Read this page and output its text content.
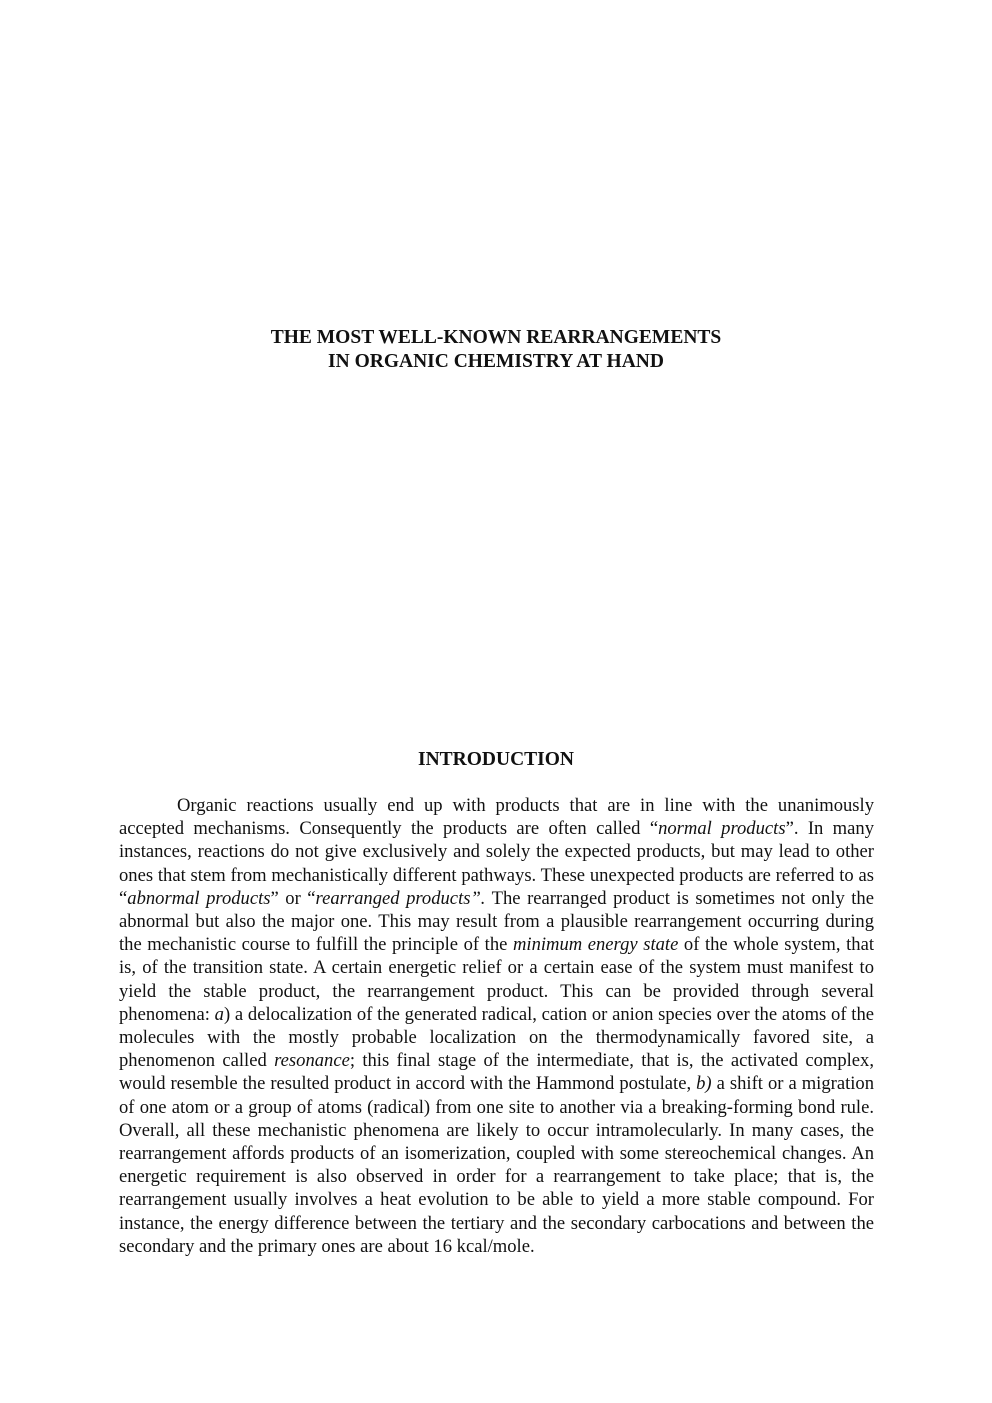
THE MOST WELL-KNOWN REARRANGEMENTS
IN ORGANIC CHEMISTRY AT HAND
INTRODUCTION

Organic reactions usually end up with products that are in line with the unanimously accepted mechanisms. Consequently the products are often called “normal products”. In many instances, reactions do not give exclusively and solely the expected products, but may lead to other ones that stem from mechanistically different pathways. These unexpected products are referred to as “abnormal products” or “rearranged products”. The rearranged product is sometimes not only the abnormal but also the major one. This may result from a plausible rearrangement occurring during the mechanistic course to fulfill the principle of the minimum energy state of the whole system, that is, of the transition state. A certain energetic relief or a certain ease of the system must manifest to yield the stable product, the rearrangement product. This can be provided through several phenomena: a) a delocalization of the generated radical, cation or anion species over the atoms of the molecules with the mostly probable localization on the thermodynamically favored site, a phenomenon called resonance; this final stage of the intermediate, that is, the activated complex, would resemble the resulted product in accord with the Hammond postulate, b) a shift or a migration of one atom or a group of atoms (radical) from one site to another via a breaking-forming bond rule. Overall, all these mechanistic phenomena are likely to occur intramolecularly. In many cases, the rearrangement affords products of an isomerization, coupled with some stereochemical changes. An energetic requirement is also observed in order for a rearrangement to take place; that is, the rearrangement usually involves a heat evolution to be able to yield a more stable compound. For instance, the energy difference between the tertiary and the secondary carbocations and between the secondary and the primary ones are about 16 kcal/mole.
